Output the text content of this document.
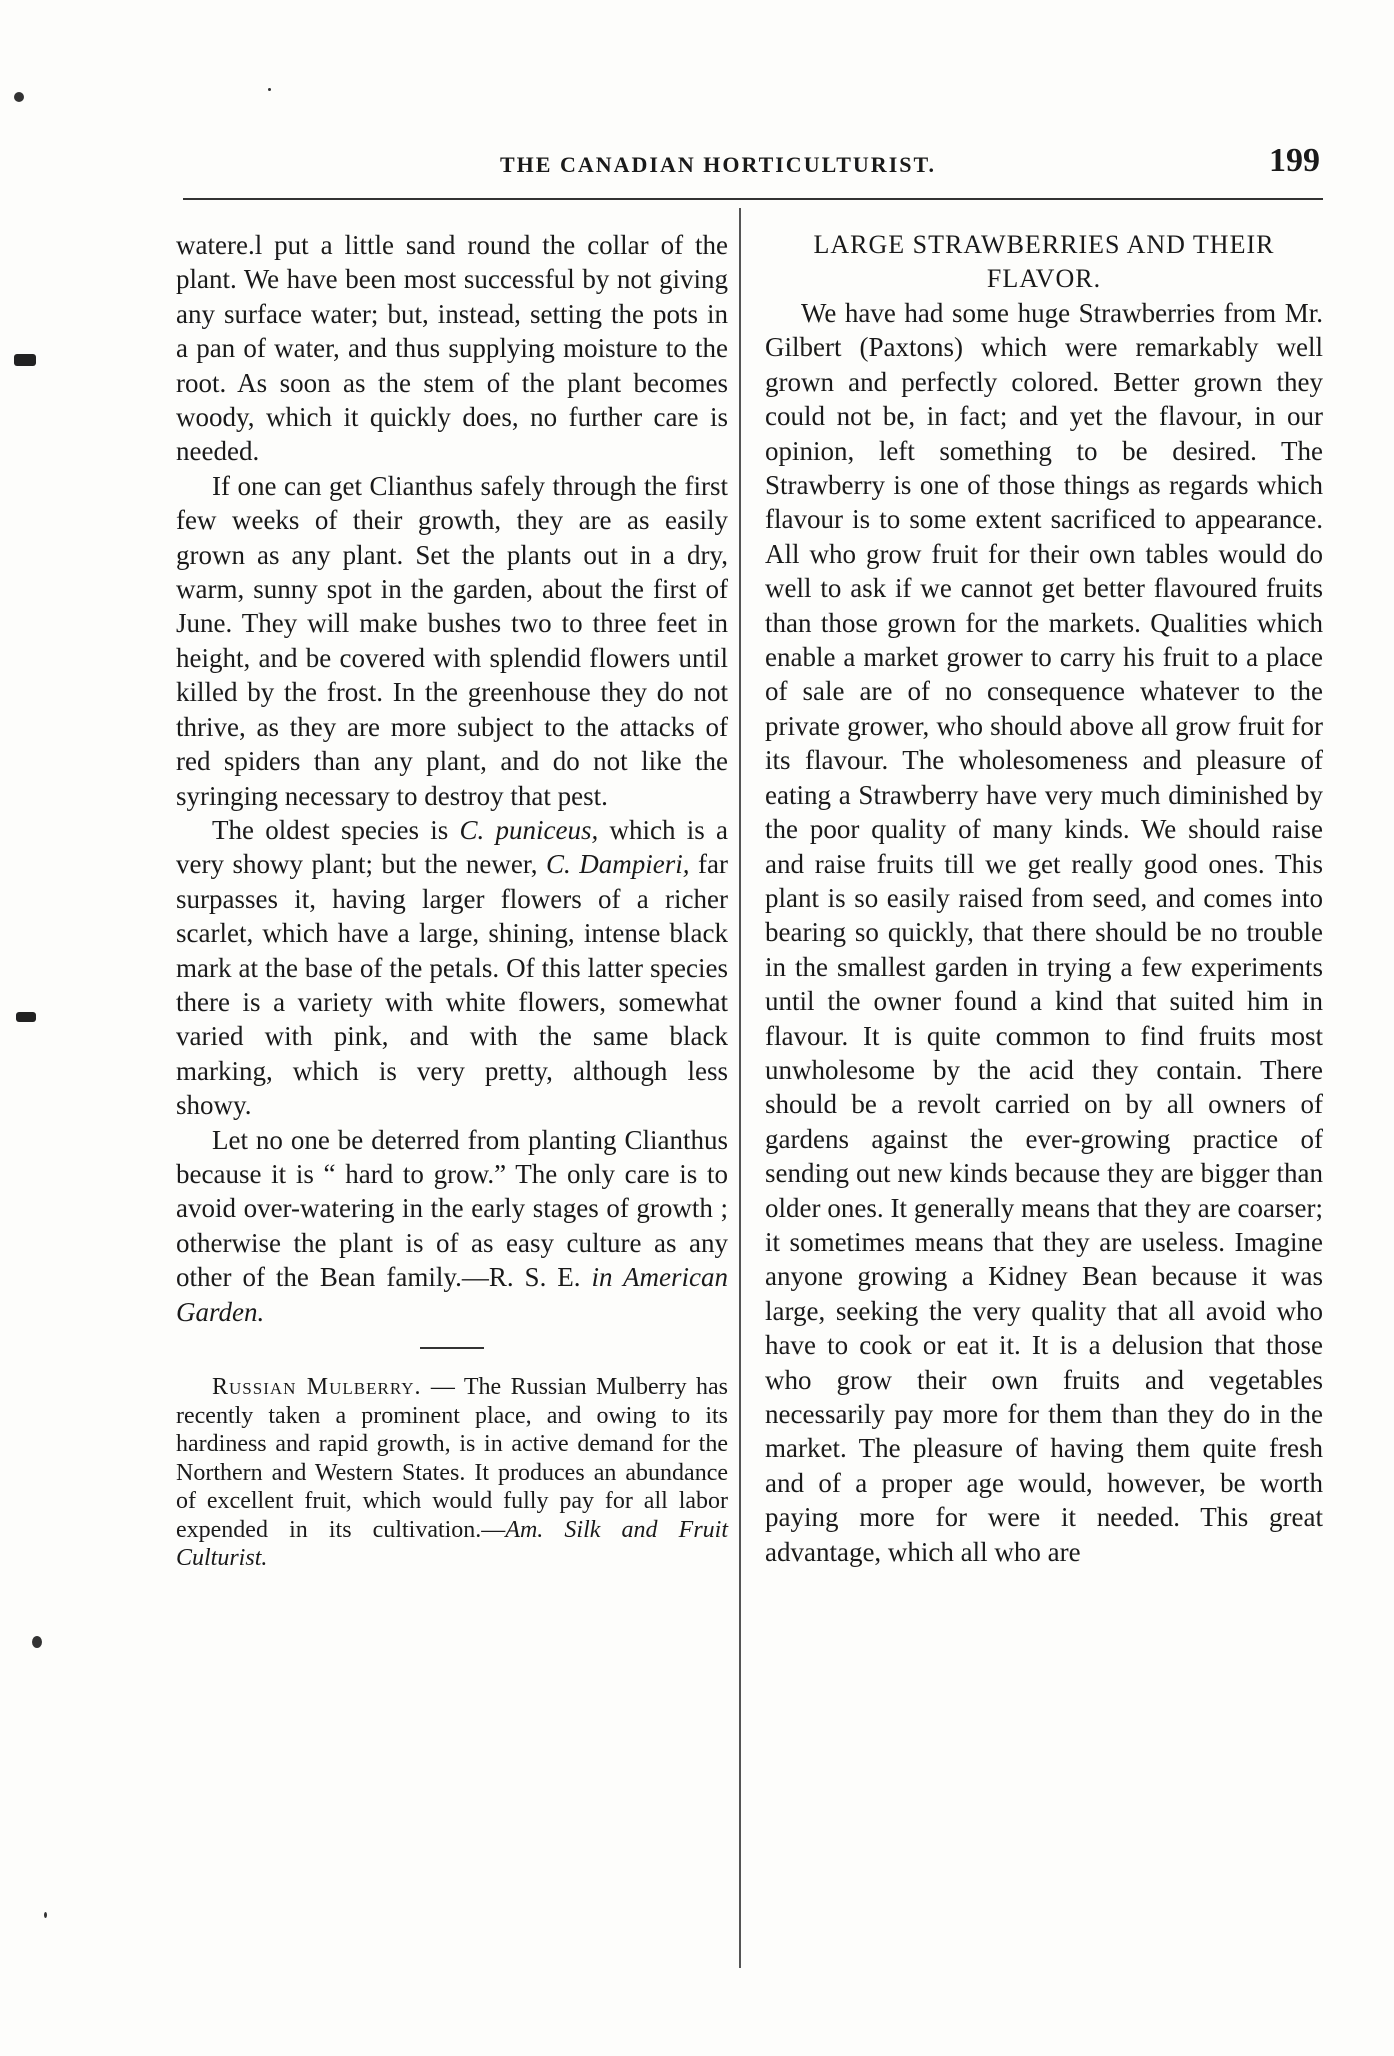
THE CANADIAN HORTICULTURIST.	199

watere.l put a little sand round the collar of the plant. We have been most successful by not giving any surface water; but, instead, setting the pots in a pan of water, and thus supplying moisture to the root. As soon as the stem of the plant becomes woody, which it quickly does, no further care is needed.

If one can get Clianthus safely through the first few weeks of their growth, they are as easily grown as any plant. Set the plants out in a dry, warm, sunny spot in the garden, about the first of June. They will make bushes two to three feet in height, and be covered with splendid flowers until killed by the frost. In the greenhouse they do not thrive, as they are more subject to the attacks of red spiders than any plant, and do not like the syringing necessary to destroy that pest.

The oldest species is C. puniceus, which is a very showy plant; but the newer, C. Dampieri, far surpasses it, having larger flowers of a richer scarlet, which have a large, shining, intense black mark at the base of the petals. Of this latter species there is a variety with white flowers, somewhat varied with pink, and with the same black marking, which is very pretty, although less showy.

Let no one be deterred from planting Clianthus because it is “ hard to grow.” The only care is to avoid over-watering in the early stages of growth ; otherwise the plant is of as easy culture as any other of the Bean family.—R. S. E. in American Garden.

Russian Mulberry. — The Russian Mulberry has recently taken a prominent place, and owing to its hardiness and rapid growth, is in active demand for the Northern and Western States. It produces an abundance of excellent fruit, which would fully pay for all labor expended in its cultivation.—Am. Silk and Fruit Culturist.

LARGE STRAWBERRIES AND THEIR
FLAVOR.

We have had some huge Strawberries from Mr. Gilbert (Paxtons) which were remarkably well grown and perfectly colored. Better grown they could not be, in fact; and yet the flavour, in our opinion, left something to be desired. The Strawberry is one of those things as regards which flavour is to some extent sacrificed to appearance. All who grow fruit for their own tables would do well to ask if we cannot get better flavoured fruits than those grown for the markets. Qualities which enable a market grower to carry his fruit to a place of sale are of no consequence whatever to the private grower, who should above all grow fruit for its flavour. The wholesomeness and pleasure of eating a Strawberry have very much diminished by the poor quality of many kinds. We should raise and raise fruits till we get really good ones. This plant is so easily raised from seed, and comes into bearing so quickly, that there should be no trouble in the smallest garden in trying a few experiments until the owner found a kind that suited him in flavour. It is quite common to find fruits most unwholesome by the acid they contain. There should be a revolt carried on by all owners of gardens against the ever-growing practice of sending out new kinds because they are bigger than older ones. It generally means that they are coarser; it sometimes means that they are useless. Imagine anyone growing a Kidney Bean because it was large, seeking the very quality that all avoid who have to cook or eat it. It is a delusion that those who grow their own fruits and vegetables necessarily pay more for them than they do in the market. The pleasure of having them quite fresh and of a proper age would, however, be worth paying more for were it needed. This great advantage, which all who are
